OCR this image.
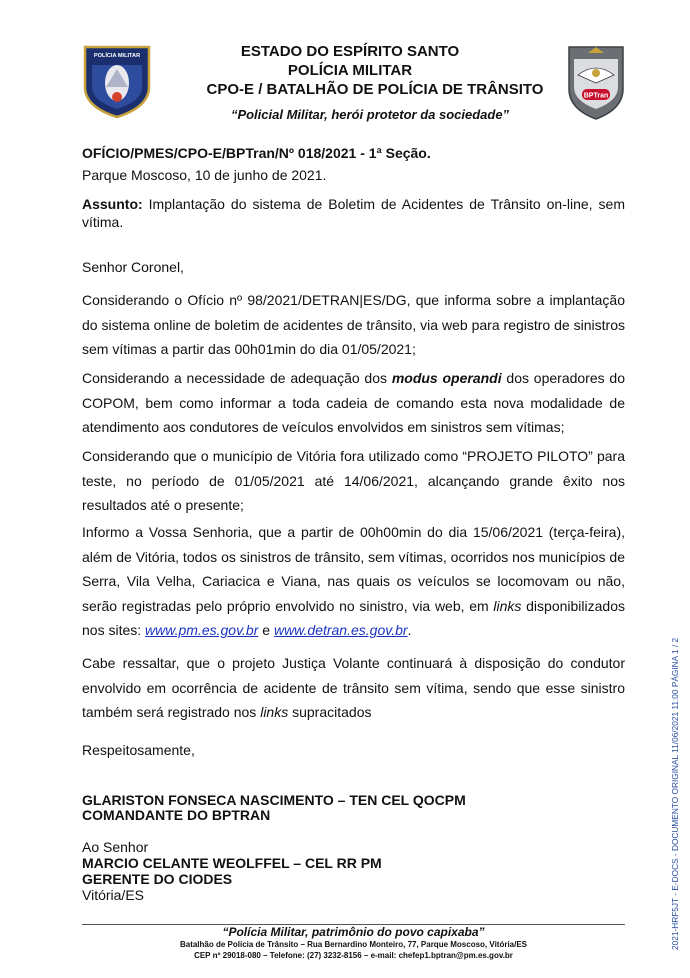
POLÍCIA MILITAR
BPTran
ESTADO DO ESPÍRITO SANTO
POLÍCIA MILITAR
CPO-E / BATALHÃO DE POLÍCIA DE TRÂNSITO
“Policial Militar, herói protetor da sociedade”
OFÍCIO/PMES/CPO-E/BPTran/Nº 018/2021 - 1ª Seção.
Parque Moscoso, 10 de junho de 2021.
Assunto: Implantação do sistema de Boletim de Acidentes de Trânsito on-line, sem vítima.
Senhor Coronel,
Considerando o Ofício nº 98/2021/DETRAN|ES/DG, que informa sobre a implantação do sistema online de boletim de acidentes de trânsito, via web para registro de sinistros sem vítimas a partir das 00h01min do dia 01/05/2021;
Considerando a necessidade de adequação dos modus operandi dos operadores do COPOM, bem como informar a toda cadeia de comando esta nova modalidade de atendimento aos condutores de veículos envolvidos em sinistros sem vítimas;
Considerando que o município de Vitória fora utilizado como “PROJETO PILOTO” para teste, no período de 01/05/2021 até 14/06/2021, alcançando grande êxito nos resultados até o presente;
Informo a Vossa Senhoria, que a partir de 00h00min do dia 15/06/2021 (terça-feira), além de Vitória, todos os sinistros de trânsito, sem vítimas, ocorridos nos municípios de Serra, Vila Velha, Cariacica e Viana, nas quais os veículos se locomovam ou não, serão registradas pelo próprio envolvido no sinistro, via web, em links disponibilizados nos sites: www.pm.es.gov.br e www.detran.es.gov.br.
Cabe ressaltar, que o projeto Justiça Volante continuará à disposição do condutor envolvido em ocorrência de acidente de trânsito sem vítima, sendo que esse sinistro também será registrado nos links supracitados
Respeitosamente,
GLARISTON FONSECA NASCIMENTO – TEN CEL QOCPM
COMANDANTE DO BPTRAN
Ao Senhor
MARCIO CELANTE WEOLFFEL – CEL RR PM
GERENTE DO CIODES
Vitória/ES
“Polícia Militar, patrimônio do povo capixaba”
Batalhão de Polícia de Trânsito – Rua Bernardino Monteiro, 77, Parque Moscoso, Vitória/ES
CEP nº 29018-080 – Telefone: (27) 3232-8156 – e-mail: chefep1.bptran@pm.es.gov.br
2021-HRF5JT - E-DOCS - DOCUMENTO ORIGINAL 11/06/2021 11:00 PÁGINA 1 / 2
